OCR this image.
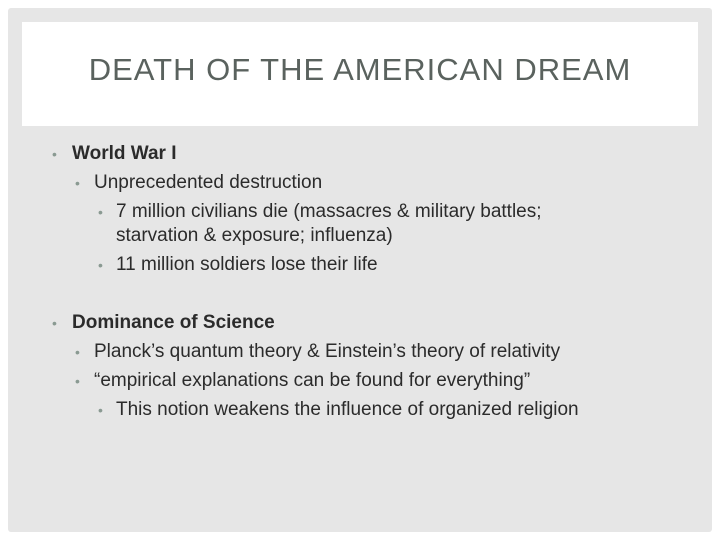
DEATH OF THE AMERICAN DREAM
• World War I
• Unprecedented destruction
• 7 million civilians die (massacres & military battles;
starvation & exposure; influenza)
• 11 million soldiers lose their life
• Dominance of Science
• Planck’s quantum theory & Einstein’s theory of relativity
• “empirical explanations can be found for everything”
• This notion weakens the influence of organized religion
